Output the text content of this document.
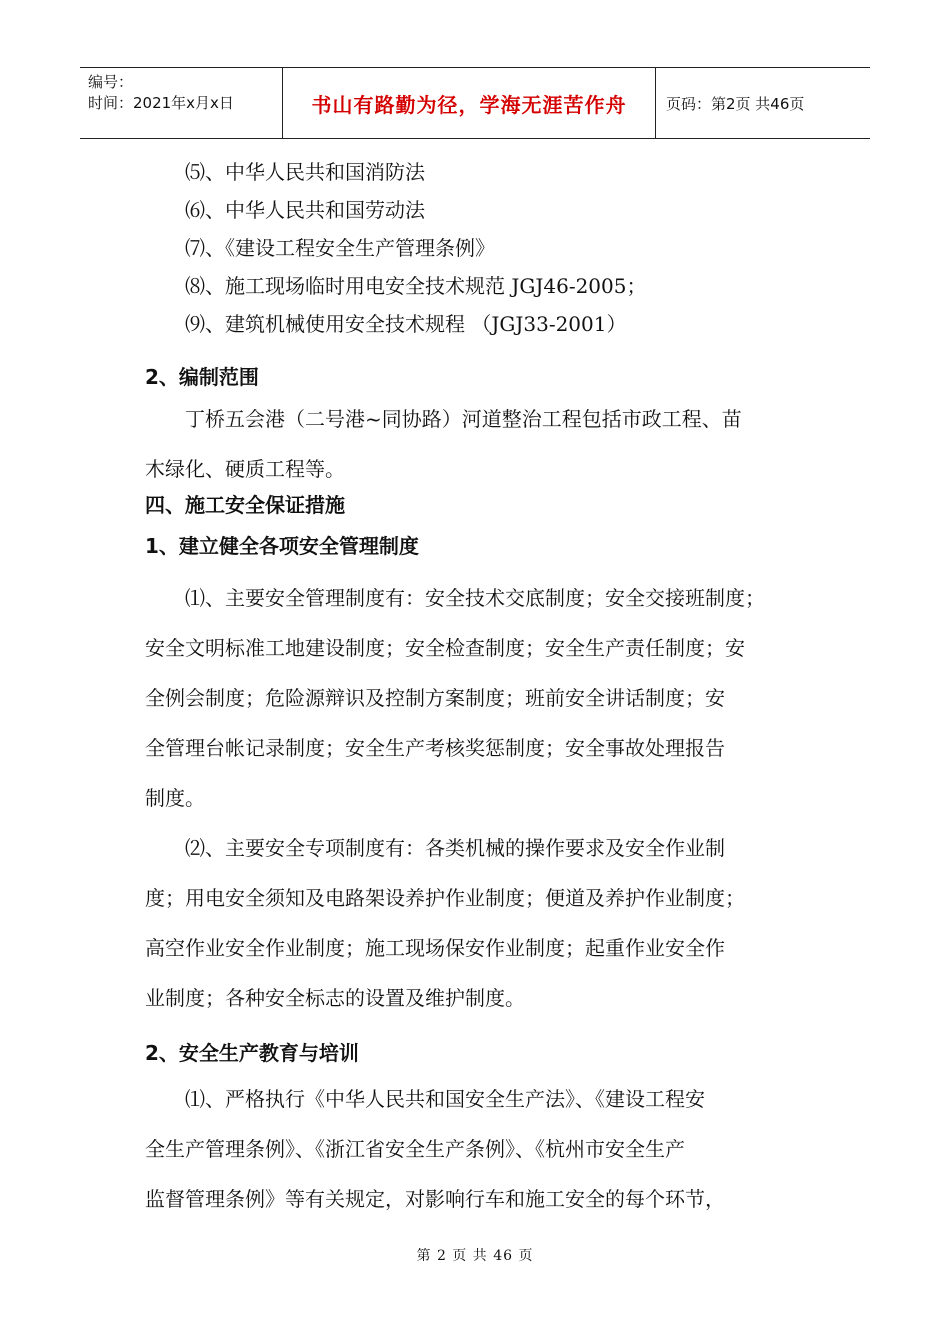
编号：
时间：2021年x月x日	书山有路勤为径，学海无涯苦作舟	页码：第2页 共46页
⑸、中华人民共和国消防法
⑹、中华人民共和国劳动法
⑺、《建设工程安全生产管理条例》
⑻、施工现场临时用电安全技术规范 JGJ46-2005；
⑼、建筑机械使用安全技术规程 （JGJ33-2001）
2、编制范围
丁桥五会港（二号港~同协路）河道整治工程包括市政工程、苗
木绿化、硬质工程等。
四、施工安全保证措施
1、建立健全各项安全管理制度
⑴、主要安全管理制度有：安全技术交底制度；安全交接班制度；
安全文明标准工地建设制度；安全检查制度；安全生产责任制度；安
全例会制度；危险源辩识及控制方案制度；班前安全讲话制度；安
全管理台帐记录制度；安全生产考核奖惩制度；安全事故处理报告
制度。
⑵、主要安全专项制度有：各类机械的操作要求及安全作业制
度；用电安全须知及电路架设养护作业制度；便道及养护作业制度；
高空作业安全作业制度；施工现场保安作业制度；起重作业安全作
业制度；各种安全标志的设置及维护制度。
2、安全生产教育与培训
⑴、严格执行《中华人民共和国安全生产法》、《建设工程安
全生产管理条例》、《浙江省安全生产条例》、《杭州市安全生产
监督管理条例》等有关规定，对影响行车和施工安全的每个环节，
第 2 页 共 46 页
